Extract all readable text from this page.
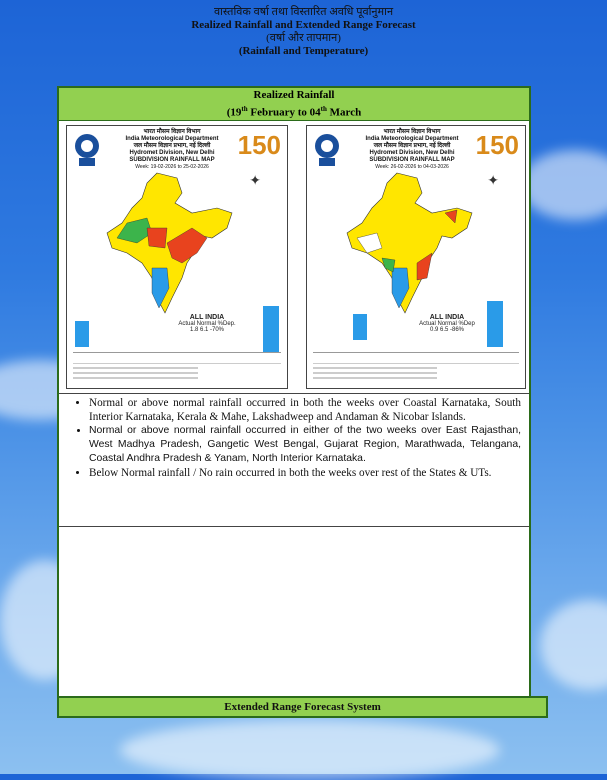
वास्तविक वर्षा तथा विस्तारित अवधि पूर्वानुमान
Realized Rainfall and Extended Range Forecast
(वर्षा और तापमान)
(Rainfall and Temperature)
Realized Rainfall
(19th February to 04th March
भारत मौसम विज्ञान विभाग
India Meteorological Department
जल मौसम विज्ञान प्रभाग, नई दिल्ली
Hydromet Division, New Delhi
SUBDIVISION RAINFALL MAP
Week: 19-02-2026 to 25-02-2026
150
✦
ALL INDIA
Actual Normal %Dep.
1.8 6.1 -70%
भारत मौसम विज्ञान विभाग
India Meteorological Department
जल मौसम विज्ञान प्रभाग, नई दिल्ली
Hydromet Division, New Delhi
SUBDIVISION RAINFALL MAP
Week: 26-02-2026 to 04-03-2026
150
✦
ALL INDIA
Actual Normal %Dep
0.9 6.5 -86%
• Normal or above normal rainfall occurred in both the weeks over Coastal Karnataka, South Interior Karnataka, Kerala & Mahe, Lakshadweep and Andaman & Nicobar Islands.
• Normal or above normal rainfall occurred in either of the two weeks over East Rajasthan, West Madhya Pradesh, Gangetic West Bengal, Gujarat Region, Marathwada, Telangana, Coastal Andhra Pradesh & Yanam, North Interior Karnataka.
• Below Normal rainfall / No rain occurred in both the weeks over rest of the States & UTs.
Extended Range Forecast System
